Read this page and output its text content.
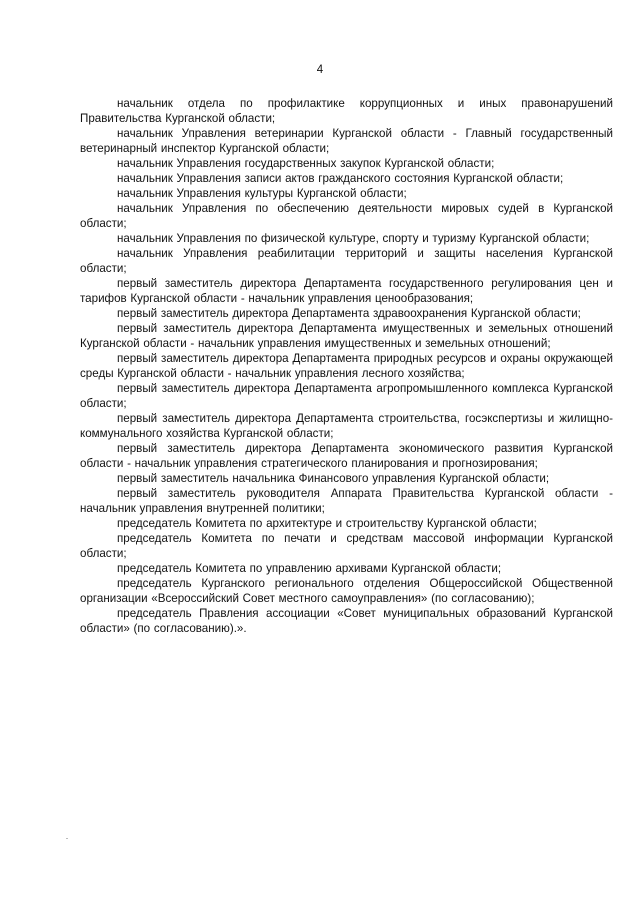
4

начальник отдела по профилактике коррупционных и иных правонарушений Правительства Курганской области;

начальник Управления ветеринарии Курганской области - Главный государственный ветеринарный инспектор Курганской области;

начальник Управления государственных закупок Курганской области;

начальник Управления записи актов гражданского состояния Курганской области;

начальник Управления культуры Курганской области;

начальник Управления по обеспечению деятельности мировых судей в Курганской области;

начальник Управления по физической культуре, спорту и туризму Курганской области;

начальник Управления реабилитации территорий и защиты населения Курганской области;

первый заместитель директора Департамента государственного регулирования цен и тарифов Курганской области - начальник управления ценообразования;

первый заместитель директора Департамента здравоохранения Курганской области;

первый заместитель директора Департамента имущественных и земельных отношений Курганской области - начальник управления имущественных и земельных отношений;

первый заместитель директора Департамента природных ресурсов и охраны окружающей среды Курганской области - начальник управления лесного хозяйства;

первый заместитель директора Департамента агропромышленного комплекса Курганской области;

первый заместитель директора Департамента строительства, госэкспертизы и жилищно-коммунального хозяйства Курганской области;

первый заместитель директора Департамента экономического развития Курганской области - начальник управления стратегического планирования и прогнозирования;

первый заместитель начальника Финансового управления Курганской области;

первый заместитель руководителя Аппарата Правительства Курганской области - начальник управления внутренней политики;

председатель Комитета по архитектуре и строительству Курганской области;

председатель Комитета по печати и средствам массовой информации Курганской области;

председатель Комитета по управлению архивами Курганской области;

председатель Курганского регионального отделения Общероссийской Общественной организации «Всероссийский Совет местного самоуправления» (по согласованию);

председатель Правления ассоциации «Совет муниципальных образований Курганской области» (по согласованию).».
